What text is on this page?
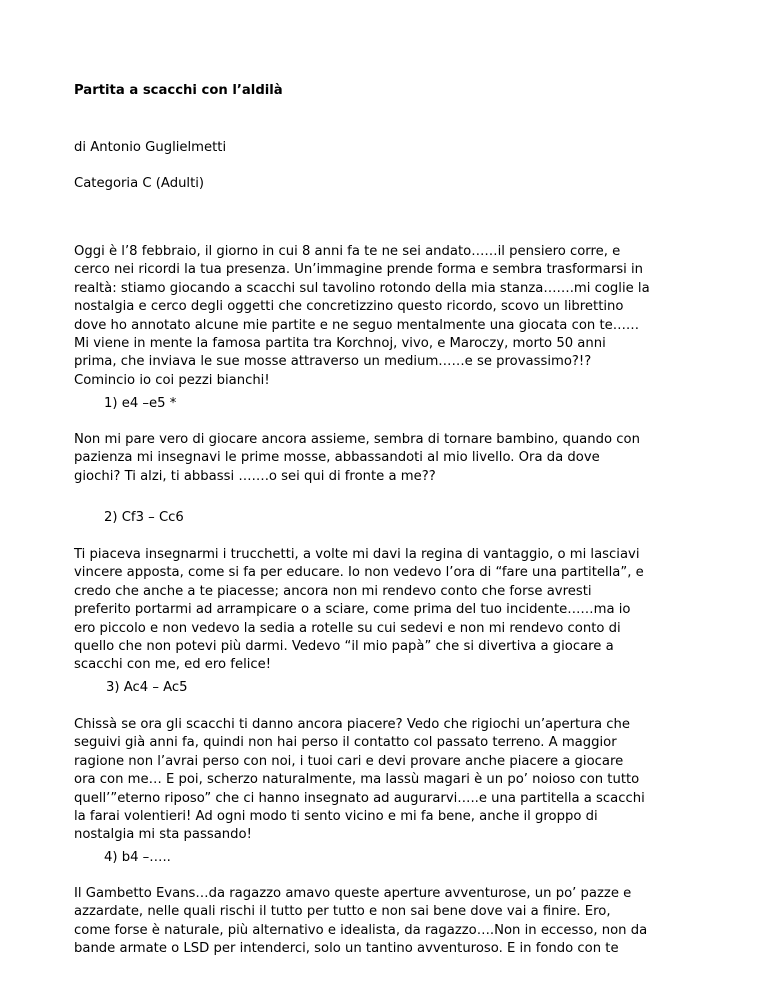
Partita a scacchi con l’aldilà
di Antonio Guglielmetti
Categoria C (Adulti)

Oggi è l’8 febbraio, il giorno in cui 8 anni fa te ne sei andato……il pensiero corre, e

cerco nei ricordi la tua presenza. Un’immagine prende forma e sembra trasformarsi in

realtà: stiamo giocando a scacchi sul tavolino rotondo della mia stanza…….mi coglie la

nostalgia e cerco degli oggetti che concretizzino questo ricordo, scovo un librettino

dove ho annotato alcune mie partite e ne seguo mentalmente una giocata con te……

Mi viene in mente la famosa partita tra Korchnoj, vivo, e Maroczy, morto 50 anni

prima, che inviava le sue mosse attraverso un medium……e se provassimo?!?

Comincio io coi pezzi bianchi!

1) e4 –e5 *

Non mi pare vero di giocare ancora assieme, sembra di tornare bambino, quando con

pazienza mi insegnavi le prime mosse, abbassandoti al mio livello. Ora da dove

giochi? Ti alzi, ti abbassi …….o sei qui di fronte a me??

2) Cf3 – Cc6

Ti piaceva insegnarmi i trucchetti, a volte mi davi la regina di vantaggio, o mi lasciavi

vincere apposta, come si fa per educare. Io non vedevo l’ora di “fare una partitella”, e

credo che anche a te piacesse; ancora non mi rendevo conto che forse avresti

preferito portarmi ad arrampicare o a sciare, come prima del tuo incidente……ma io

ero piccolo e non vedevo la sedia a rotelle su cui sedevi e non mi rendevo conto di

quello che non potevi più darmi. Vedevo “il mio papà” che si divertiva a giocare a

scacchi con me, ed ero felice!

3) Ac4 – Ac5

Chissà se ora gli scacchi ti danno ancora piacere? Vedo che rigiochi un’apertura che

seguivi già anni fa, quindi non hai perso il contatto col passato terreno. A maggior

ragione non l’avrai perso con noi, i tuoi cari e devi provare anche piacere a giocare

ora con me… E poi, scherzo naturalmente, ma lassù magari è un po’ noioso con tutto

quell’”eterno riposo” che ci hanno insegnato ad augurarvi…..e una partitella a scacchi

la farai volentieri! Ad ogni modo ti sento vicino e mi fa bene, anche il groppo di

nostalgia mi sta passando!

4) b4 –…..

Il Gambetto Evans…da ragazzo amavo queste aperture avventurose, un po’ pazze e

azzardate, nelle quali rischi il tutto per tutto e non sai bene dove vai a finire. Ero,

come forse è naturale, più alternativo e idealista, da ragazzo….Non in eccesso, non da

bande armate o LSD per intenderci, solo un tantino avventuroso. E in fondo con te
